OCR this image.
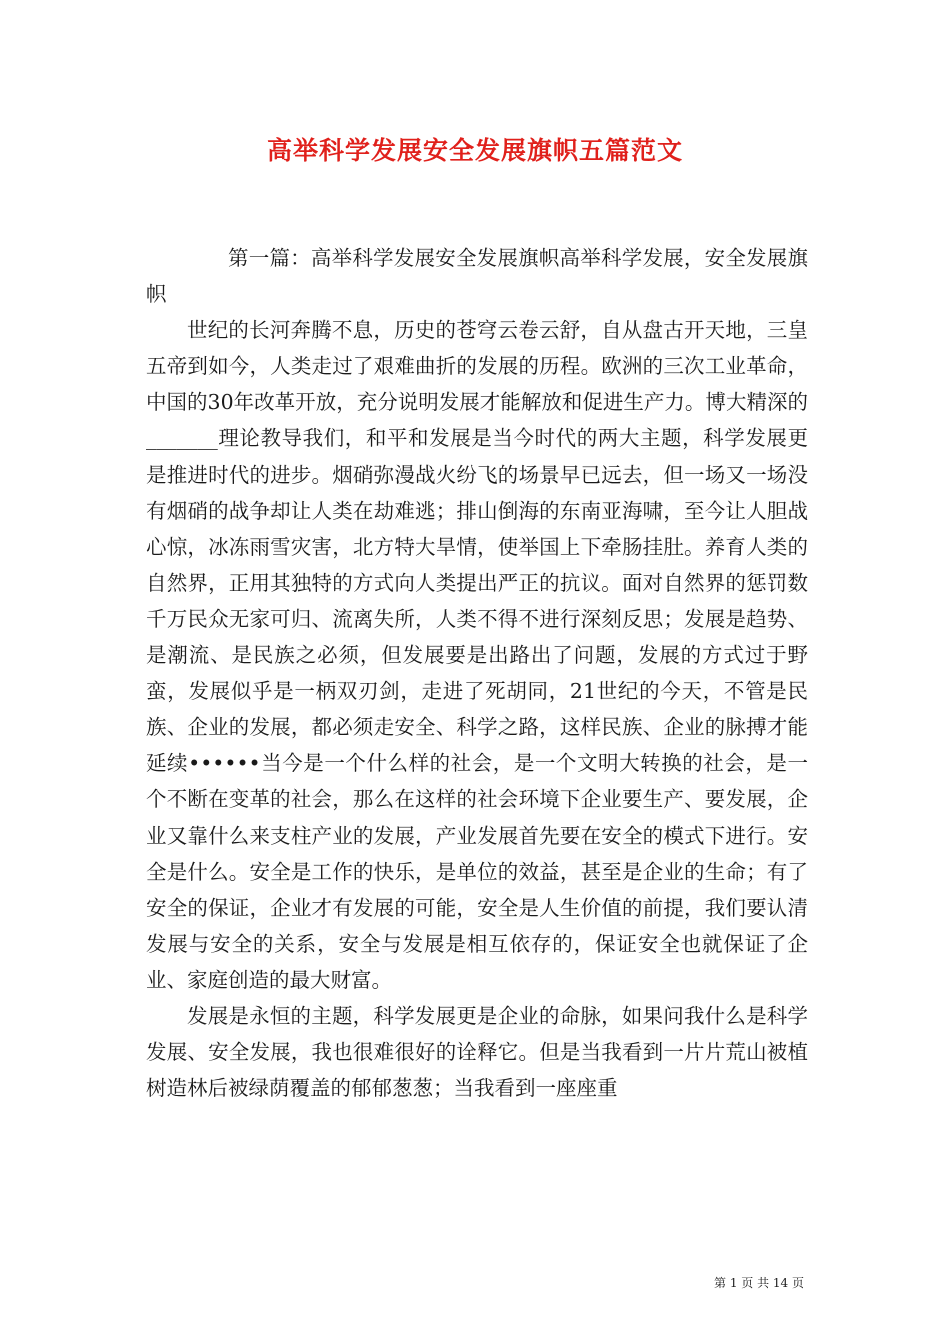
高举科学发展安全发展旗帜五篇范文

第一篇：高举科学发展安全发展旗帜高举科学发展，安全发展旗帜

世纪的长河奔腾不息，历史的苍穹云卷云舒，自从盘古开天地，三皇五帝到如今，人类走过了艰难曲折的发展的历程。欧洲的三次工业革命，中国的30年改革开放，充分说明发展才能解放和促进生产力。博大精深的_______理论教导我们，和平和发展是当今时代的两大主题，科学发展更是推进时代的进步。烟硝弥漫战火纷飞的场景早已远去，但一场又一场没有烟硝的战争却让人类在劫难逃；排山倒海的东南亚海啸，至今让人胆战心惊，冰冻雨雪灾害，北方特大旱情，使举国上下牵肠挂肚。养育人类的自然界，正用其独特的方式向人类提出严正的抗议。面对自然界的惩罚数千万民众无家可归、流离失所，人类不得不进行深刻反思；发展是趋势、是潮流、是民族之必须，但发展要是出路出了问题，发展的方式过于野蛮，发展似乎是一柄双刃剑，走进了死胡同，21世纪的今天，不管是民族、企业的发展，都必须走安全、科学之路，这样民族、企业的脉搏才能延续••••••当今是一个什么样的社会，是一个文明大转换的社会，是一个不断在变革的社会，那么在这样的社会环境下企业要生产、要发展，企业又靠什么来支柱产业的发展，产业发展首先要在安全的模式下进行。安全是什么。安全是工作的快乐，是单位的效益，甚至是企业的生命；有了安全的保证，企业才有发展的可能，安全是人生价值的前提，我们要认清发展与安全的关系，安全与发展是相互依存的，保证安全也就保证了企业、家庭创造的最大财富。

发展是永恒的主题，科学发展更是企业的命脉，如果问我什么是科学发展、安全发展，我也很难很好的诠释它。但是当我看到一片片荒山被植树造林后被绿荫覆盖的郁郁葱葱；当我看到一座座重

第 1 页 共 14 页
